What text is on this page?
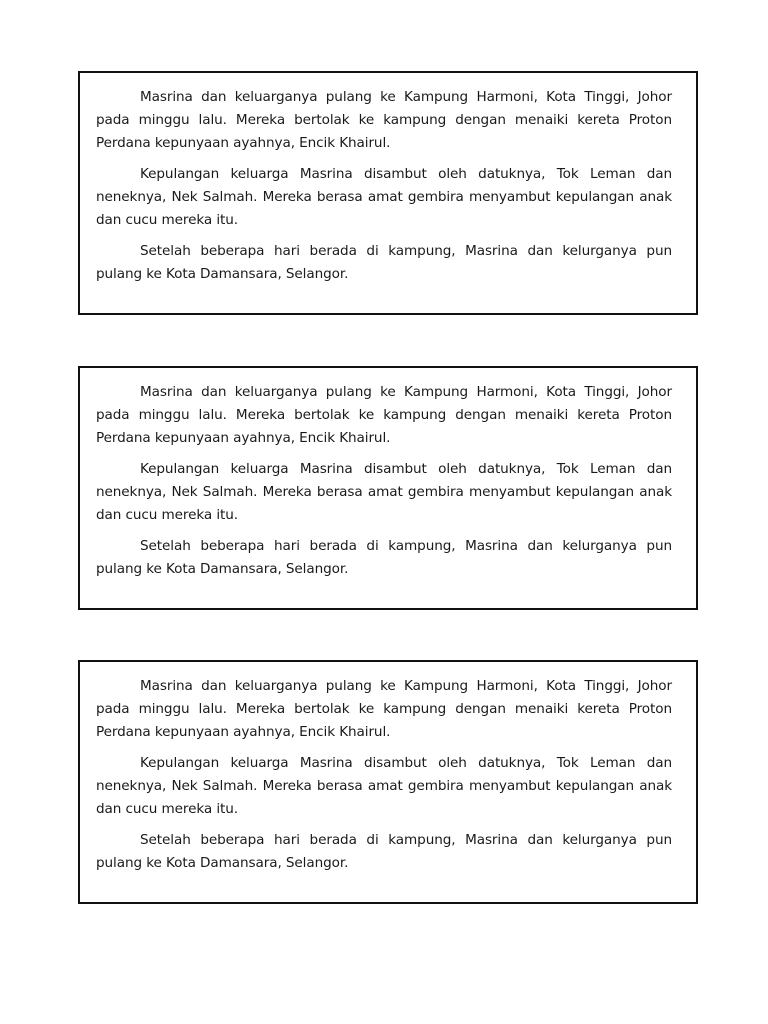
Masrina dan keluarganya pulang ke Kampung Harmoni, Kota Tinggi, Johor pada minggu lalu. Mereka bertolak ke kampung dengan menaiki kereta Proton Perdana kepunyaan ayahnya, Encik Khairul.

Kepulangan keluarga Masrina disambut oleh datuknya, Tok Leman dan neneknya, Nek Salmah. Mereka berasa amat gembira menyambut kepulangan anak dan cucu mereka itu.

Setelah beberapa hari berada di kampung, Masrina dan kelurganya pun pulang ke Kota Damansara, Selangor.

Masrina dan keluarganya pulang ke Kampung Harmoni, Kota Tinggi, Johor pada minggu lalu. Mereka bertolak ke kampung dengan menaiki kereta Proton Perdana kepunyaan ayahnya, Encik Khairul.

Kepulangan keluarga Masrina disambut oleh datuknya, Tok Leman dan neneknya, Nek Salmah. Mereka berasa amat gembira menyambut kepulangan anak dan cucu mereka itu.

Setelah beberapa hari berada di kampung, Masrina dan kelurganya pun pulang ke Kota Damansara, Selangor.

Masrina dan keluarganya pulang ke Kampung Harmoni, Kota Tinggi, Johor pada minggu lalu. Mereka bertolak ke kampung dengan menaiki kereta Proton Perdana kepunyaan ayahnya, Encik Khairul.

Kepulangan keluarga Masrina disambut oleh datuknya, Tok Leman dan neneknya, Nek Salmah. Mereka berasa amat gembira menyambut kepulangan anak dan cucu mereka itu.

Setelah beberapa hari berada di kampung, Masrina dan kelurganya pun pulang ke Kota Damansara, Selangor.
